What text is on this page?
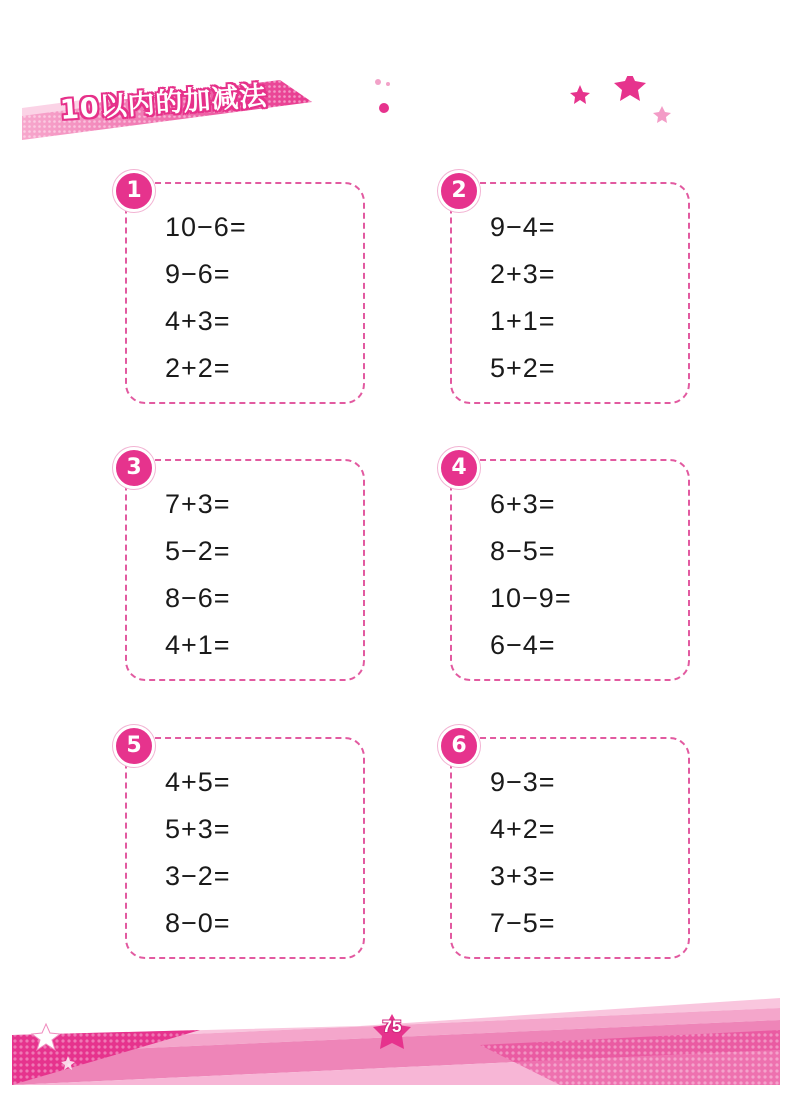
10以内的加减法
1
10−6=
9−6=
4+3=
2+2=
2
9−4=
2+3=
1+1=
5+2=
3
7+3=
5−2=
8−6=
4+1=
4
6+3=
8−5=
10−9=
6−4=
5
4+5=
5+3=
3−2=
8−0=
6
9−3=
4+2=
3+3=
7−5=
75
